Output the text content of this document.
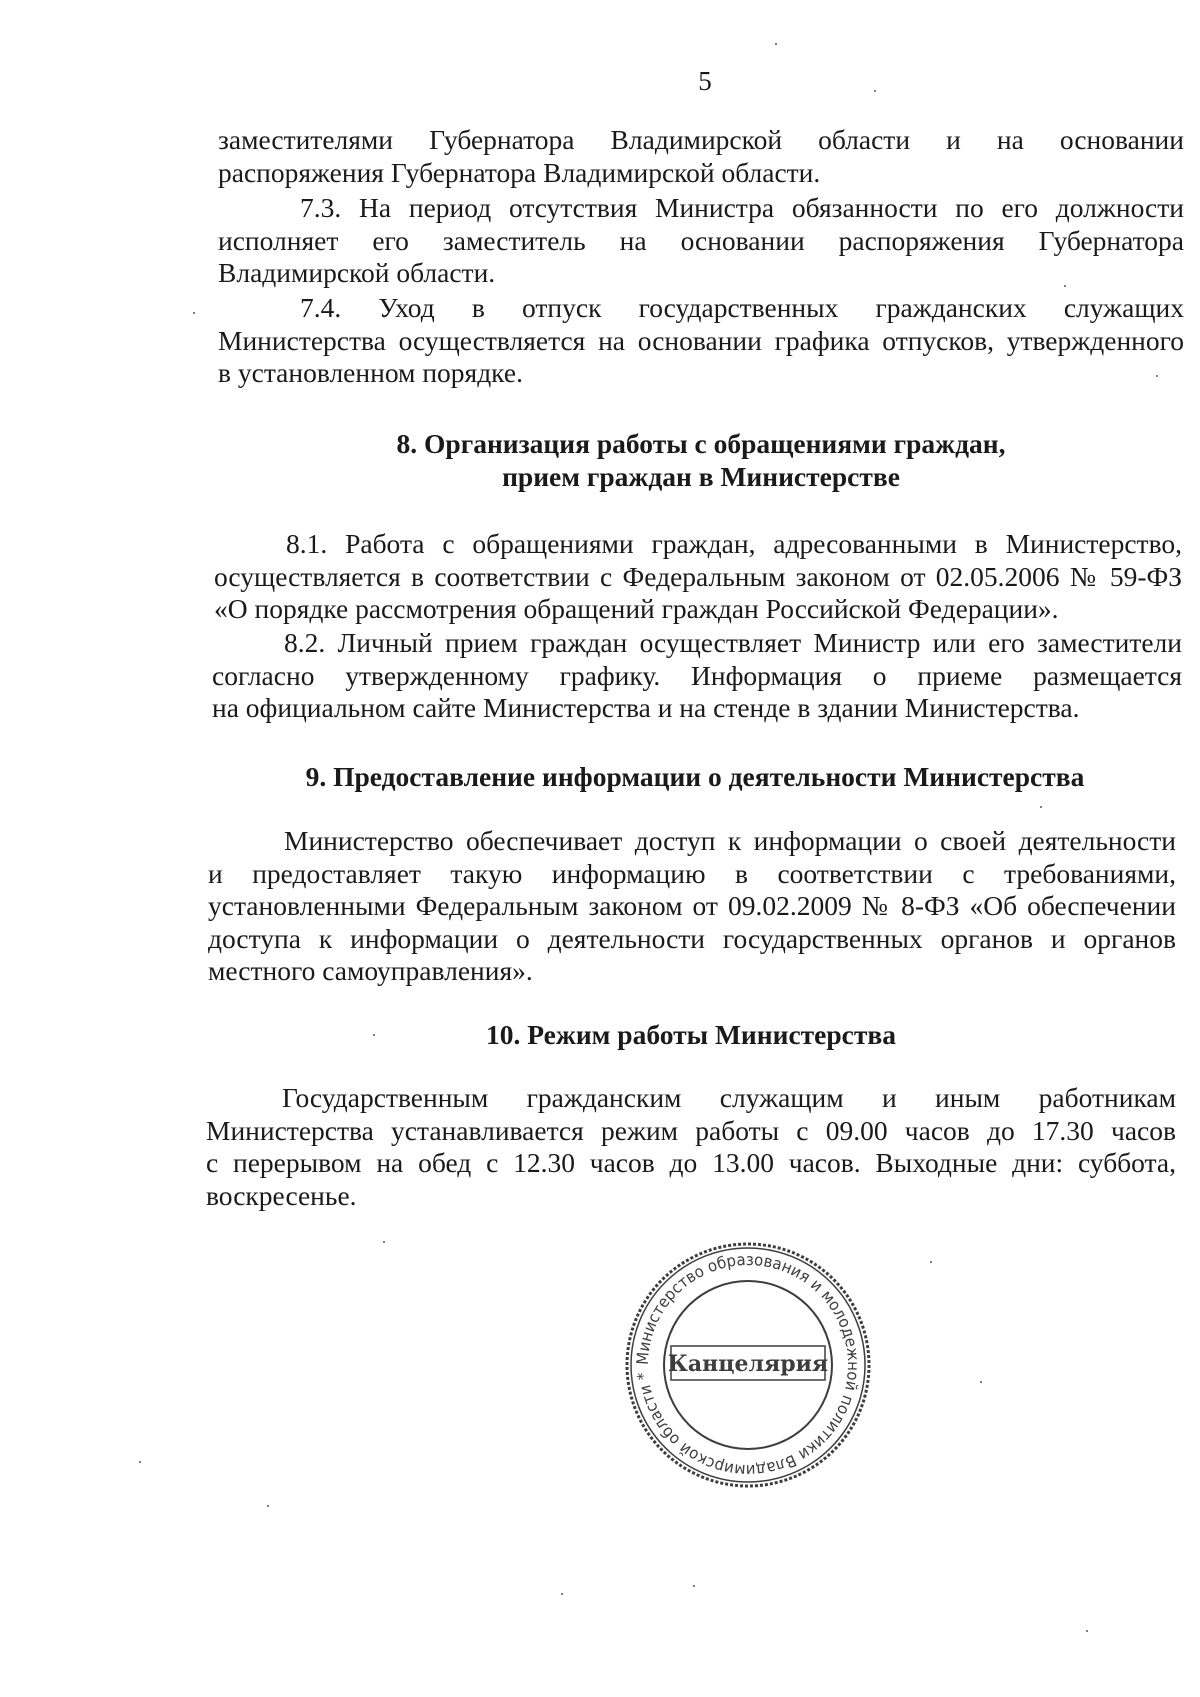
5
заместителями Губернатора Владимирской области и на основании
распоряжения Губернатора Владимирской области.
7.3. На период отсутствия Министра обязанности по его должности
исполняет его заместитель на основании распоряжения Губернатора
Владимирской области.
7.4. Уход в отпуск государственных гражданских служащих
Министерства осуществляется на основании графика отпусков, утвержденного
в установленном порядке.
8. Организация работы с обращениями граждан,
прием граждан в Министерстве
8.1. Работа с обращениями граждан, адресованными в Министерство,
осуществляется в соответствии с Федеральным законом от 02.05.2006 № 59-ФЗ
«О порядке рассмотрения обращений граждан Российской Федерации».
8.2. Личный прием граждан осуществляет Министр или его заместители
согласно утвержденному графику. Информация о приеме размещается
на официальном сайте Министерства и на стенде в здании Министерства.
9. Предоставление информации о деятельности Министерства
Министерство обеспечивает доступ к информации о своей деятельности
и предоставляет такую информацию в соответствии с требованиями,
установленными Федеральным законом от 09.02.2009 № 8-ФЗ «Об обеспечении
доступа к информации о деятельности государственных органов и органов
местного самоуправления».
10. Режим работы Министерства
Государственным гражданским служащим и иным работникам
Министерства устанавливается режим работы с 09.00 часов до 17.30 часов
с перерывом на обед с 12.30 часов до 13.00 часов. Выходные дни: суббота,
воскресенье.
Министерство образования и молодежной политики Владимирской области * Канцелярия
